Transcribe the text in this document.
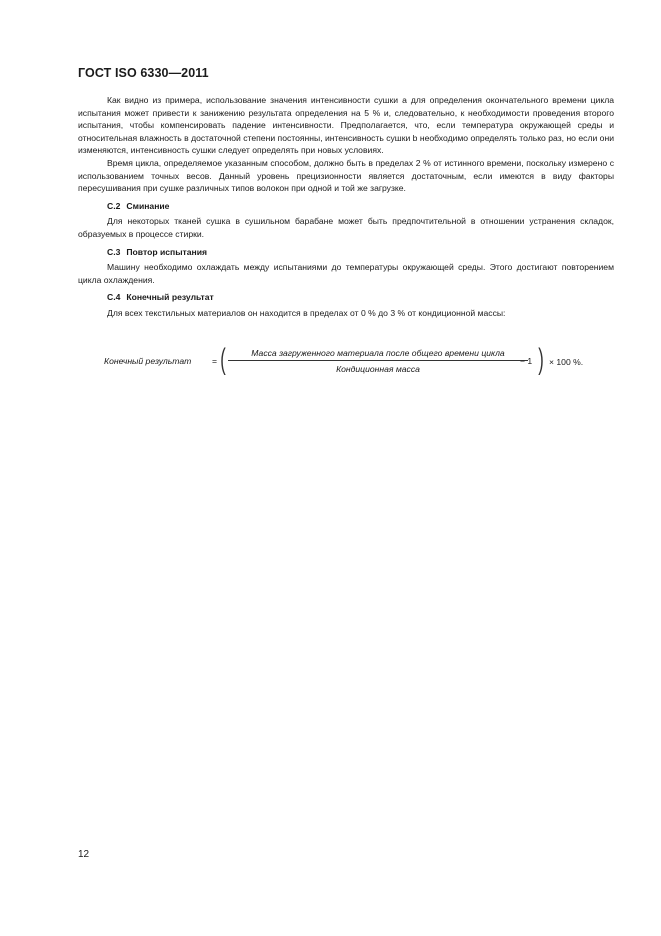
ГОСТ ISO 6330—2011

Как видно из примера, использование значения интенсивности сушки a для определения окончательного времени цикла испытания может привести к занижению результата определения на 5 % и, следовательно, к необходимости проведения второго испытания, чтобы компенсировать падение интенсивности. Предполагается, что, если температура окружающей среды и относительная влажность в достаточной степени постоянны, интенсивность сушки b необходимо определять только раз, но если они изменяются, интенсивность сушки следует определять при новых условиях.

Время цикла, определяемое указанным способом, должно быть в пределах 2 % от истинного времени, поскольку измерено с использованием точных весов. Данный уровень прецизионности является достаточным, если имеются в виду факторы пересушивания при сушке различных типов волокон при одной и той же загрузке.

С.2 Сминание

Для некоторых тканей сушка в сушильном барабане может быть предпочтительной в отношении устранения складок, образуемых в процессе стирки.

С.3 Повтор испытания

Машину необходимо охлаждать между испытаниями до температуры окружающей среды. Этого достигают повторением цикла охлаждения.

С.4 Конечный результат

Для всех текстильных материалов он находится в пределах от 0 % до 3 % от кондиционной массы:

Конечный результат = (	Масса загруженного материала после общего времени цикла
Кондиционная масса
− 1 ) × 100 %.
12
